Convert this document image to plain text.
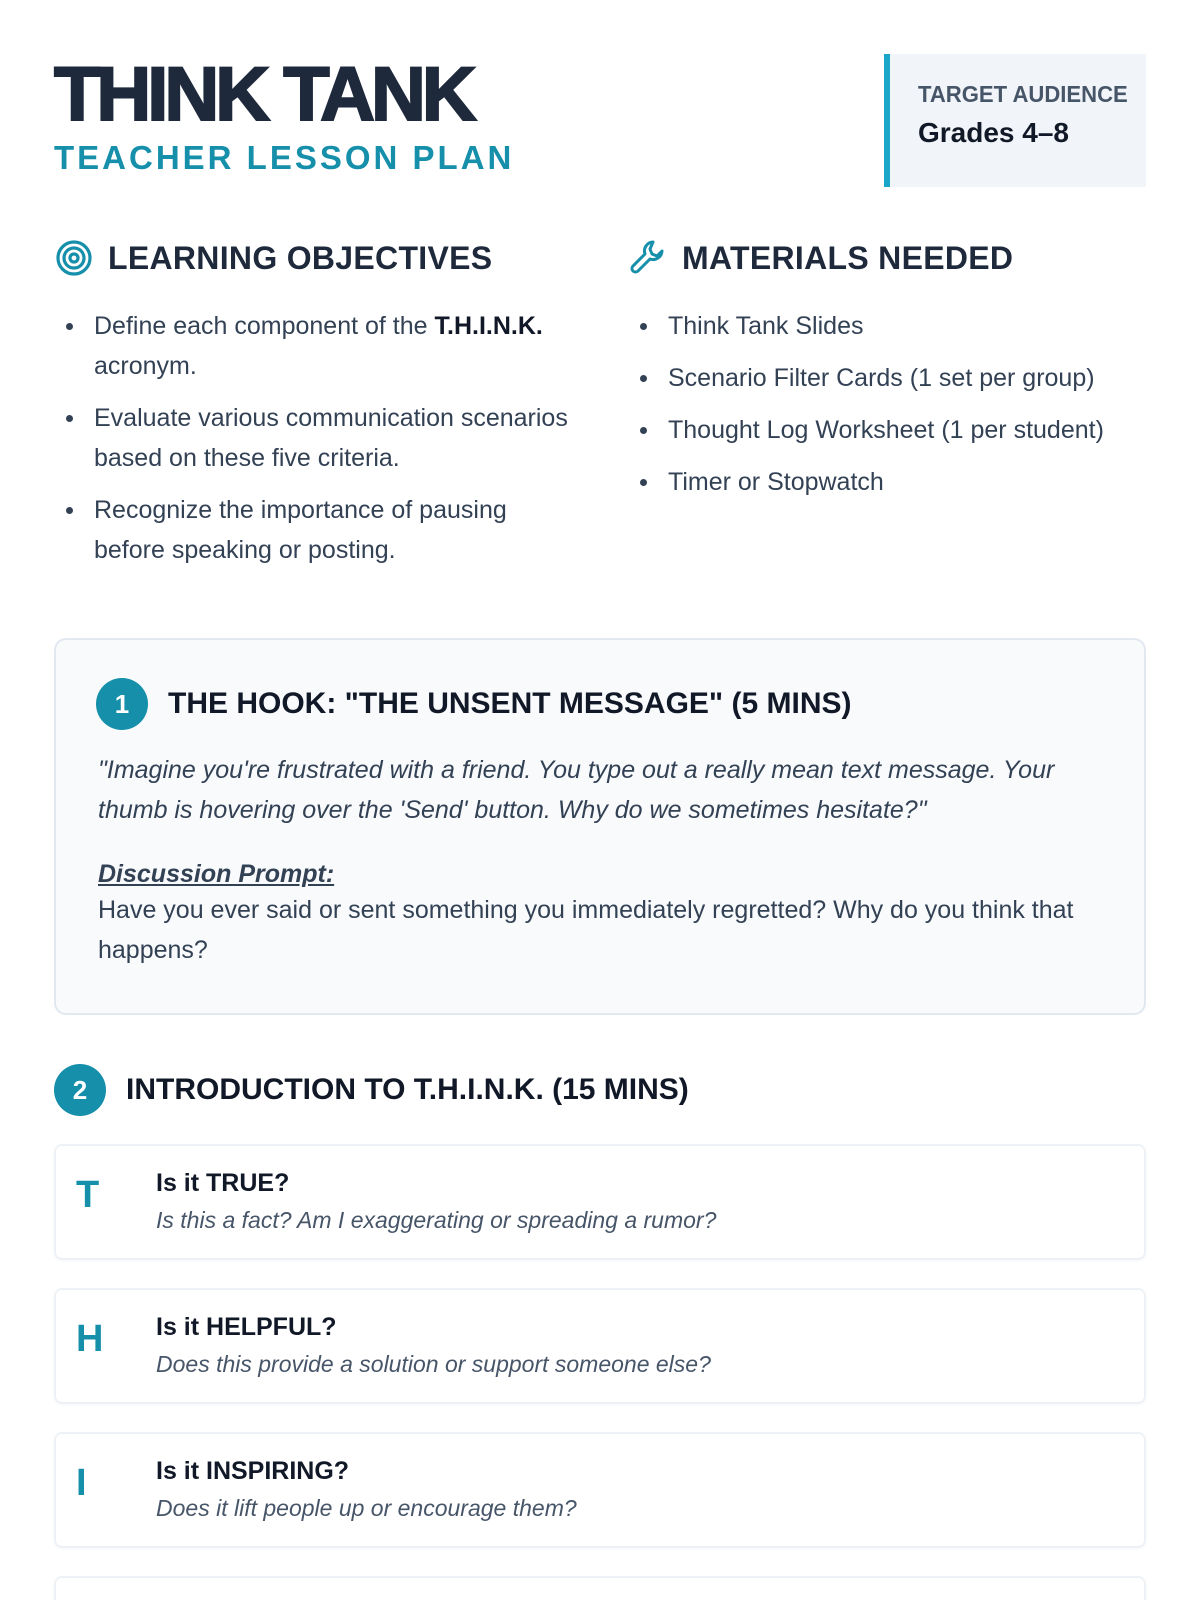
THINK TANK
TEACHER LESSON PLAN
TARGET AUDIENCE
Grades 4–8
LEARNING OBJECTIVES
Define each component of the T.H.I.N.K. acronym.
Evaluate various communication scenarios based on these five criteria.
Recognize the importance of pausing before speaking or posting.
MATERIALS NEEDED
Think Tank Slides
Scenario Filter Cards (1 set per group)
Thought Log Worksheet (1 per student)
Timer or Stopwatch
1	THE HOOK: "THE UNSENT MESSAGE" (5 MINS)
"Imagine you're frustrated with a friend. You type out a really mean text message. Your thumb is hovering over the 'Send' button. Why do we sometimes hesitate?"
Discussion Prompt:
Have you ever said or sent something you immediately regretted? Why do you think that happens?
2	INTRODUCTION TO T.H.I.N.K. (15 MINS)
T	Is it TRUE?
Is this a fact? Am I exaggerating or spreading a rumor?
H	Is it HELPFUL?
Does this provide a solution or support someone else?
I	Is it INSPIRING?
Does it lift people up or encourage them?
